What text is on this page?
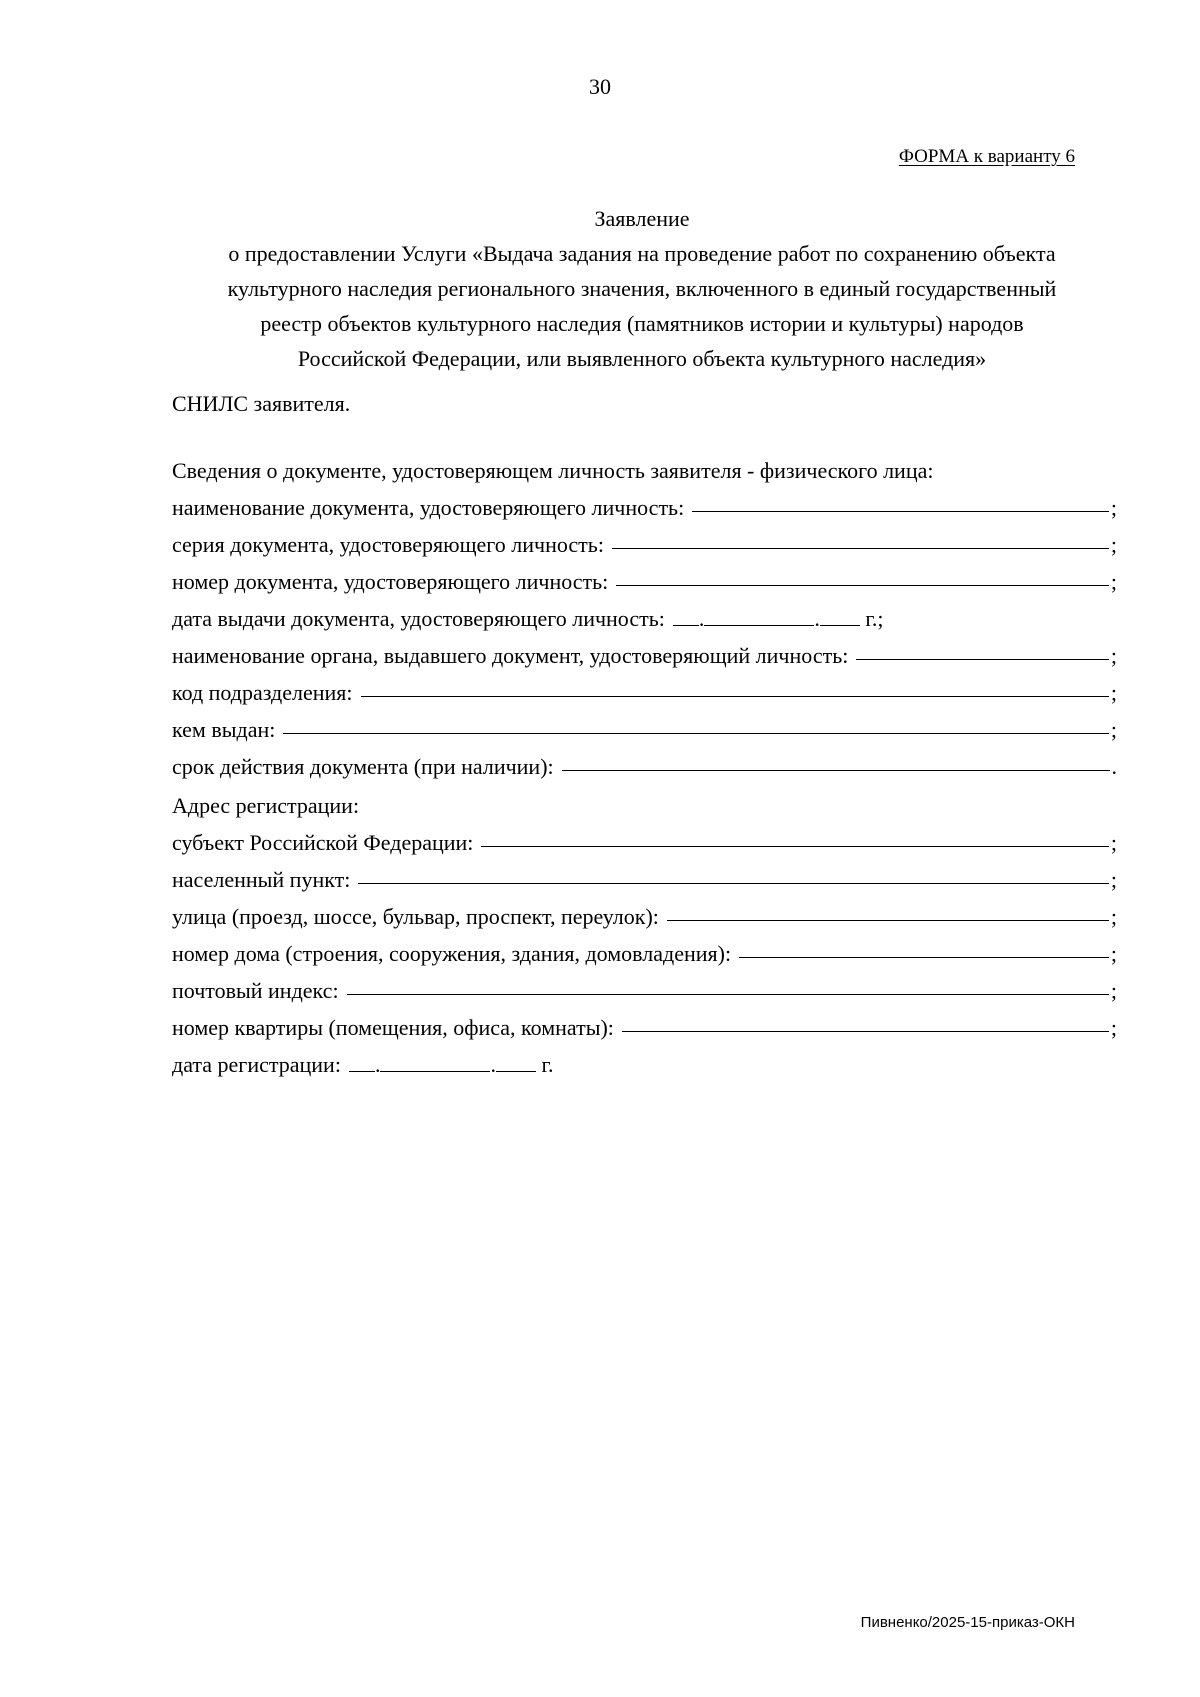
30
ФОРМА к варианту 6
Заявление
о предоставлении Услуги «Выдача задания на проведение работ по сохранению объекта
культурного наследия регионального значения, включенного в единый государственный
реестр объектов культурного наследия (памятников истории и культуры) народов
Российской Федерации, или выявленного объекта культурного наследия»
СНИЛС заявителя.
Сведения о документе, удостоверяющем личность заявителя - физического лица:
наименование документа, удостоверяющего личность:	;
серия документа, удостоверяющего личность:	;
номер документа, удостоверяющего личность:	;
дата выдачи документа, удостоверяющего личность: .	. г.;
наименование органа, выдавшего документ, удостоверяющий личность:	;
код подразделения:	;
кем выдан:	;
срок действия документа (при наличии):	.
Адрес регистрации:
субъект Российской Федерации:	;
населенный пункт:	;
улица (проезд, шоссе, бульвар, проспект, переулок):	;
номер дома (строения, сооружения, здания, домовладения):	;
почтовый индекс:	;
номер квартиры (помещения, офиса, комнаты):	;
дата регистрации: .	. г.
Пивненко/2025-15-приказ-ОКН
